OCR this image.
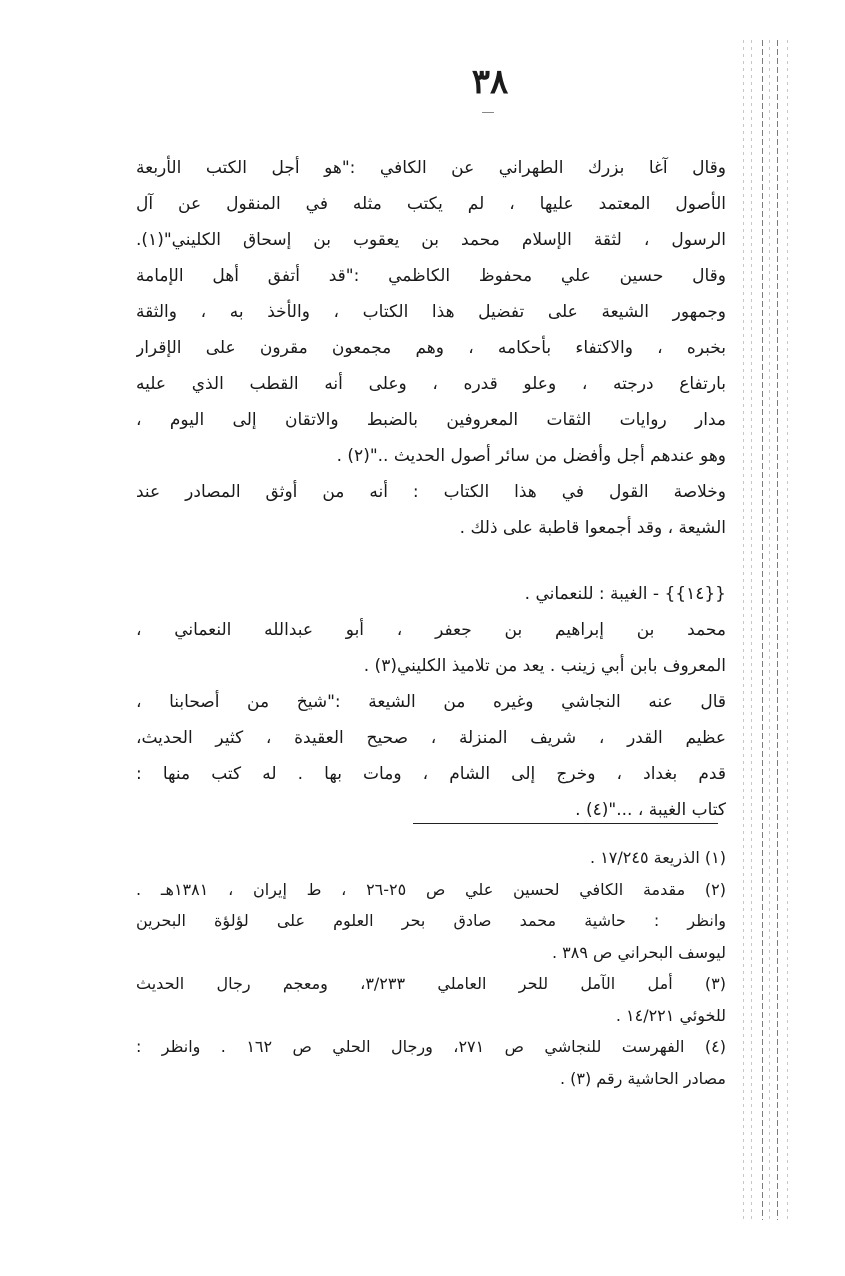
٣٨
وقال آغا بزرك الطهراني عن الكافي :"هو أجل الكتب الأربعة
الأصول المعتمد عليها ، لم يكتب مثله في المنقول عن آل
الرسول ، لثقة الإسلام محمد بن يعقوب بن إسحاق الكليني"(١).
وقال حسين علي محفوظ الكاظمي :"قد أتفق أهل الإمامة
وجمهور الشيعة على تفضيل هذا الكتاب ، والأخذ به ، والثقة
بخبره ، والاكتفاء بأحكامه ، وهم مجمعون مقرون على الإقرار
بارتفاع درجته ، وعلو قدره ، وعلى أنه القطب الذي عليه
مدار روايات الثقات المعروفين بالضبط والاتقان إلى اليوم ،
وهو عندهم أجل وأفضل من سائر أصول الحديث .."(٢) .
وخلاصة القول في هذا الكتاب : أنه من أوثق المصادر عند
الشيعة ، وقد أجمعوا قاطبة على ذلك .
{{١٤}} - الغيبة : للنعماني .
محمد بن إبراهيم بن جعفر ، أبو عبدالله النعماني ،
المعروف بابن أبي زينب . يعد من تلاميذ الكليني(٣) .
قال عنه النجاشي وغيره من الشيعة :"شيخ من أصحابنا ،
عظيم القدر ، شريف المنزلة ، صحيح العقيدة ، كثير الحديث،
قدم بغداد ، وخرج إلى الشام ، ومات بها . له كتب منها :
كتاب الغيبة ، ..."(٤) .
(١) الذريعة ١٧/٢٤٥ .
(٢) مقدمة الكافي لحسين علي ص ٢٥-٢٦ ، ط إيران ، ١٣٨١هـ .
وانظر : حاشية محمد صادق بحر العلوم على لؤلؤة البحرين
ليوسف البحراني ص ٣٨٩ .
(٣) أمل الآمل للحر العاملي ٣/٢٣٣، ومعجم رجال الحديث
للخوئي ١٤/٢٢١ .
(٤) الفهرست للنجاشي ص ٢٧١، ورجال الحلي ص ١٦٢ . وانظر :
مصادر الحاشية رقم (٣) .
